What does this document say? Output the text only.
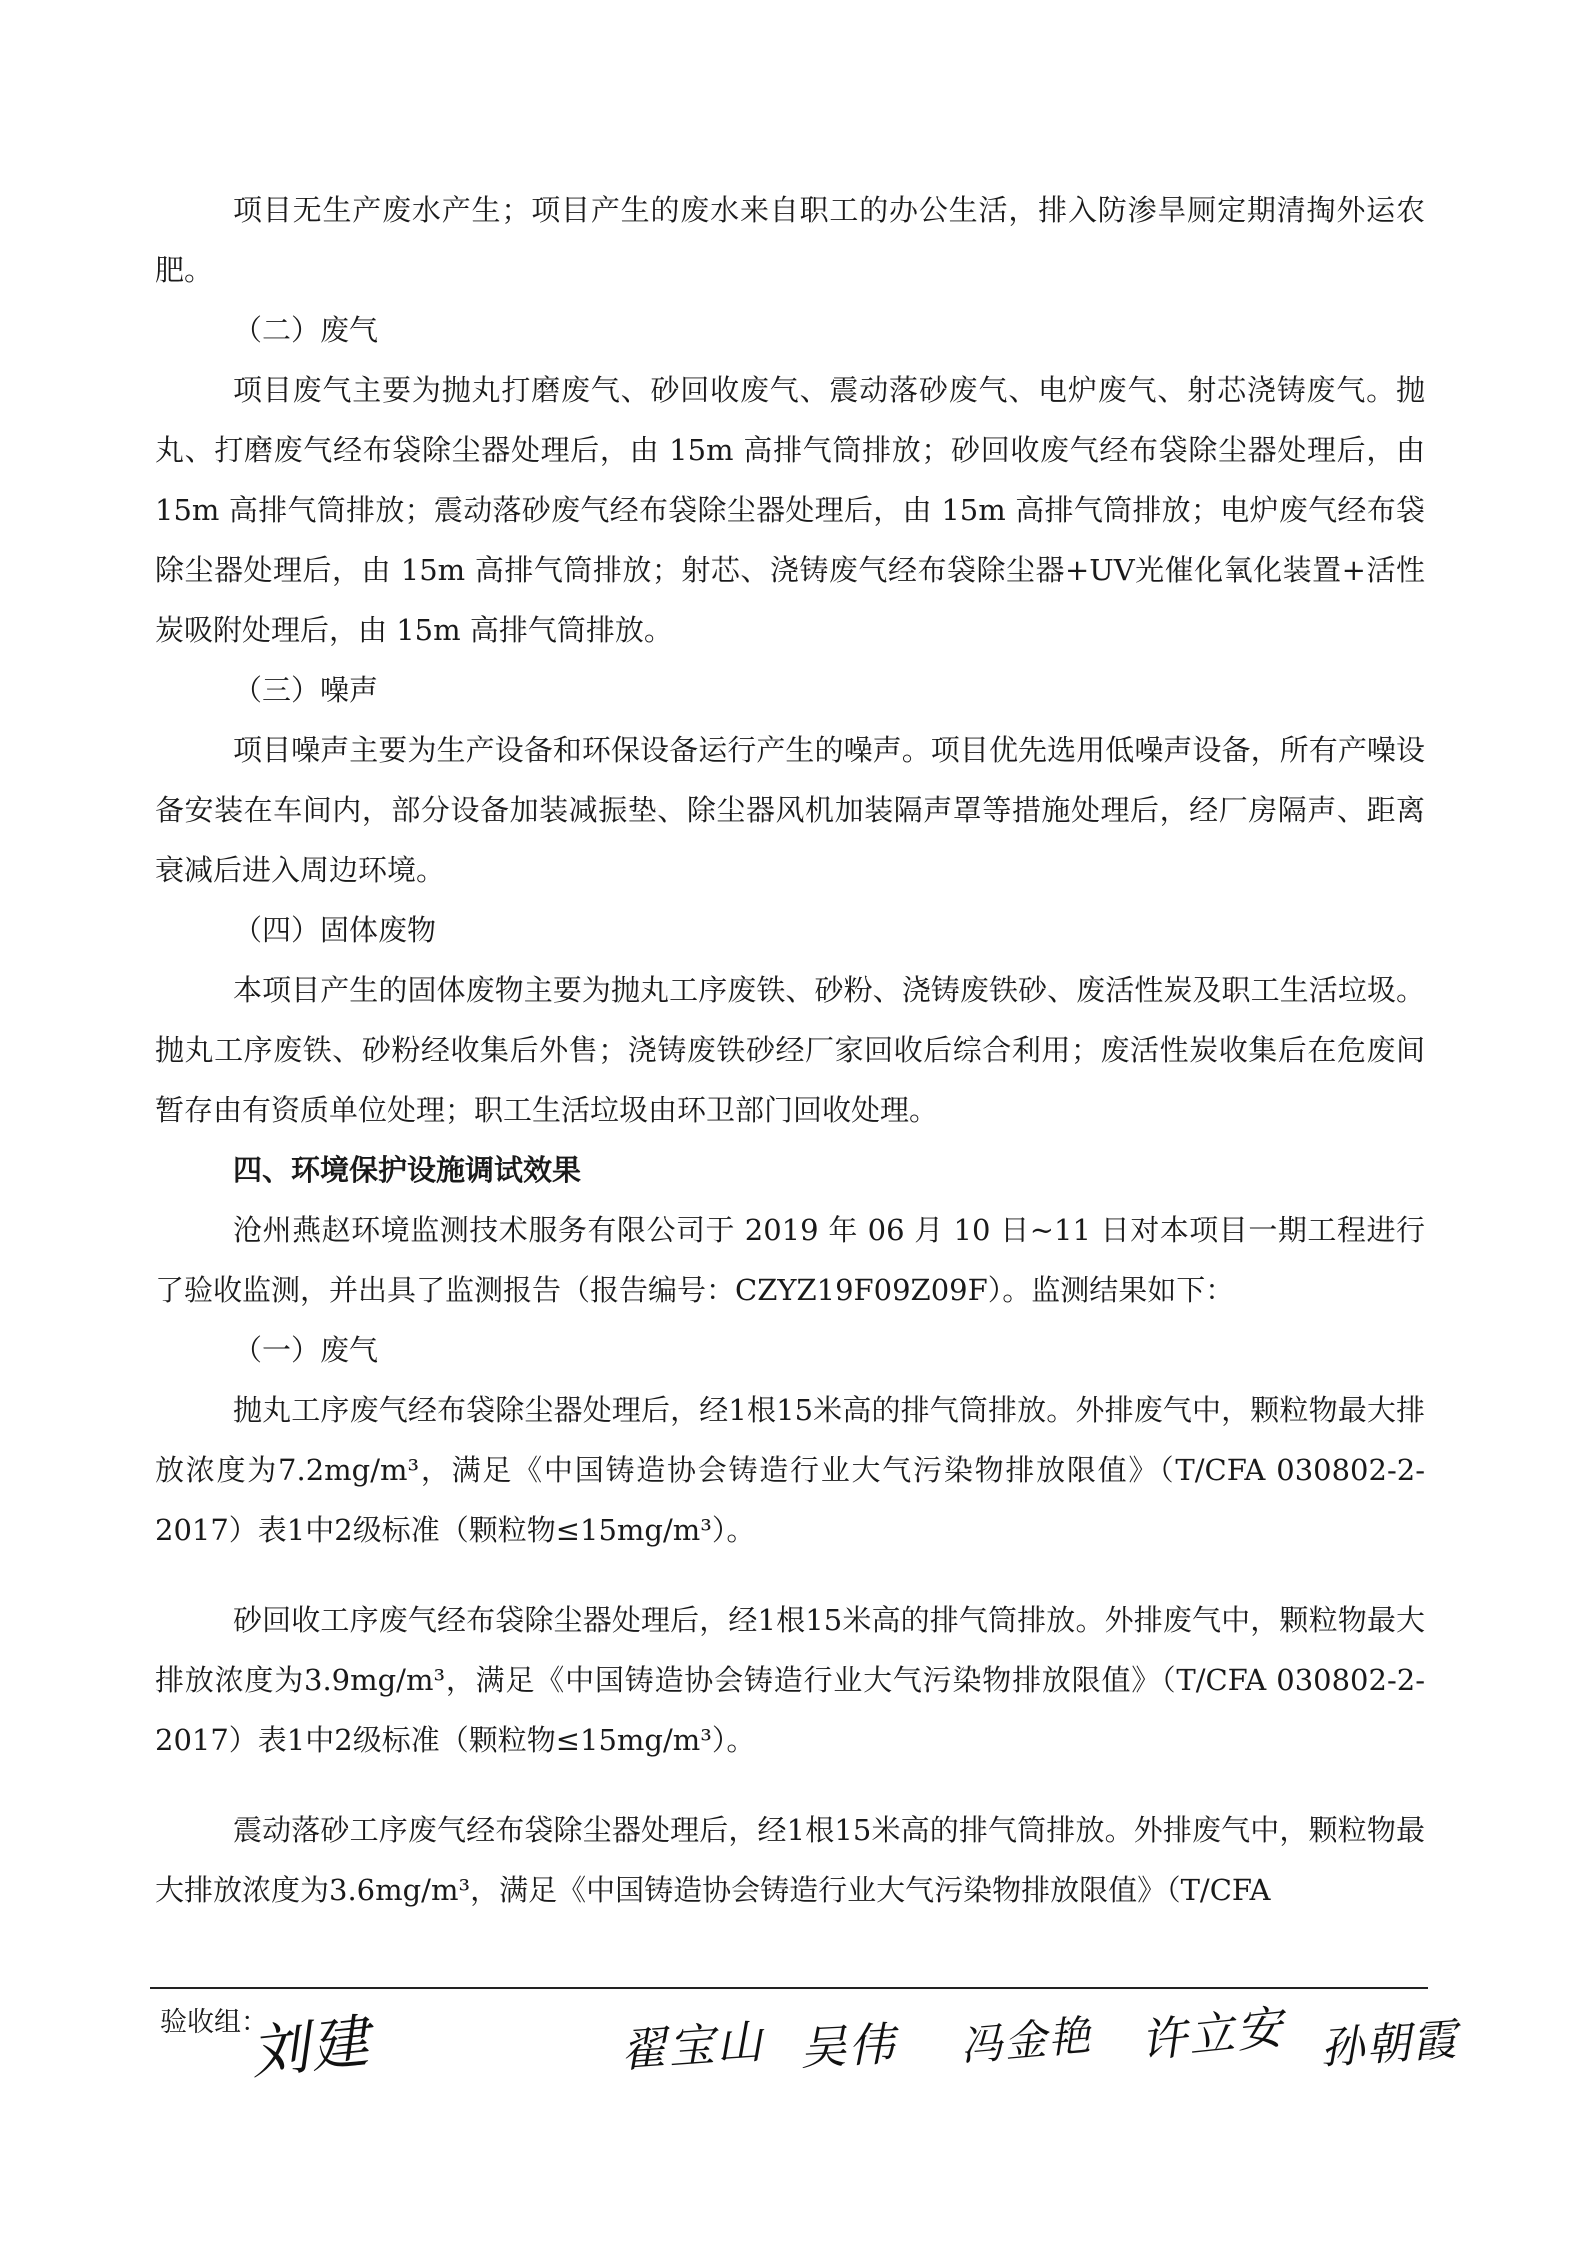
项目无生产废水产生；项目产生的废水来自职工的办公生活，排入防渗旱厕定期清掏外运农肥。

（二）废气

项目废气主要为抛丸打磨废气、砂回收废气、震动落砂废气、电炉废气、射芯浇铸废气。抛丸、打磨废气经布袋除尘器处理后，由 15m 高排气筒排放；砂回收废气经布袋除尘器处理后，由 15m 高排气筒排放；震动落砂废气经布袋除尘器处理后，由 15m 高排气筒排放；电炉废气经布袋除尘器处理后，由 15m 高排气筒排放；射芯、浇铸废气经布袋除尘器+UV光催化氧化装置+活性炭吸附处理后，由 15m 高排气筒排放。

（三）噪声

项目噪声主要为生产设备和环保设备运行产生的噪声。项目优先选用低噪声设备，所有产噪设备安装在车间内，部分设备加装减振垫、除尘器风机加装隔声罩等措施处理后，经厂房隔声、距离衰减后进入周边环境。

（四）固体废物

本项目产生的固体废物主要为抛丸工序废铁、砂粉、浇铸废铁砂、废活性炭及职工生活垃圾。抛丸工序废铁、砂粉经收集后外售；浇铸废铁砂经厂家回收后综合利用；废活性炭收集后在危废间暂存由有资质单位处理；职工生活垃圾由环卫部门回收处理。

四、环境保护设施调试效果

沧州燕赵环境监测技术服务有限公司于 2019 年 06 月 10 日~11 日对本项目一期工程进行了验收监测，并出具了监测报告（报告编号：CZYZ19F09Z09F）。监测结果如下：

（一）废气

抛丸工序废气经布袋除尘器处理后，经1根15米高的排气筒排放。外排废气中，颗粒物最大排放浓度为7.2mg/m³，满足《中国铸造协会铸造行业大气污染物排放限值》（T/CFA 030802-2-2017）表1中2级标准（颗粒物≤15mg/m³）。

砂回收工序废气经布袋除尘器处理后，经1根15米高的排气筒排放。外排废气中，颗粒物最大排放浓度为3.9mg/m³，满足《中国铸造协会铸造行业大气污染物排放限值》（T/CFA 030802-2-2017）表1中2级标准（颗粒物≤15mg/m³）。

震动落砂工序废气经布袋除尘器处理后，经1根15米高的排气筒排放。外排废气中，颗粒物最大排放浓度为3.6mg/m³，满足《中国铸造协会铸造行业大气污染物排放限值》（T/CFA

验收组：
刘建	翟宝山 吴伟 冯金艳 许立安 孙朝霞
